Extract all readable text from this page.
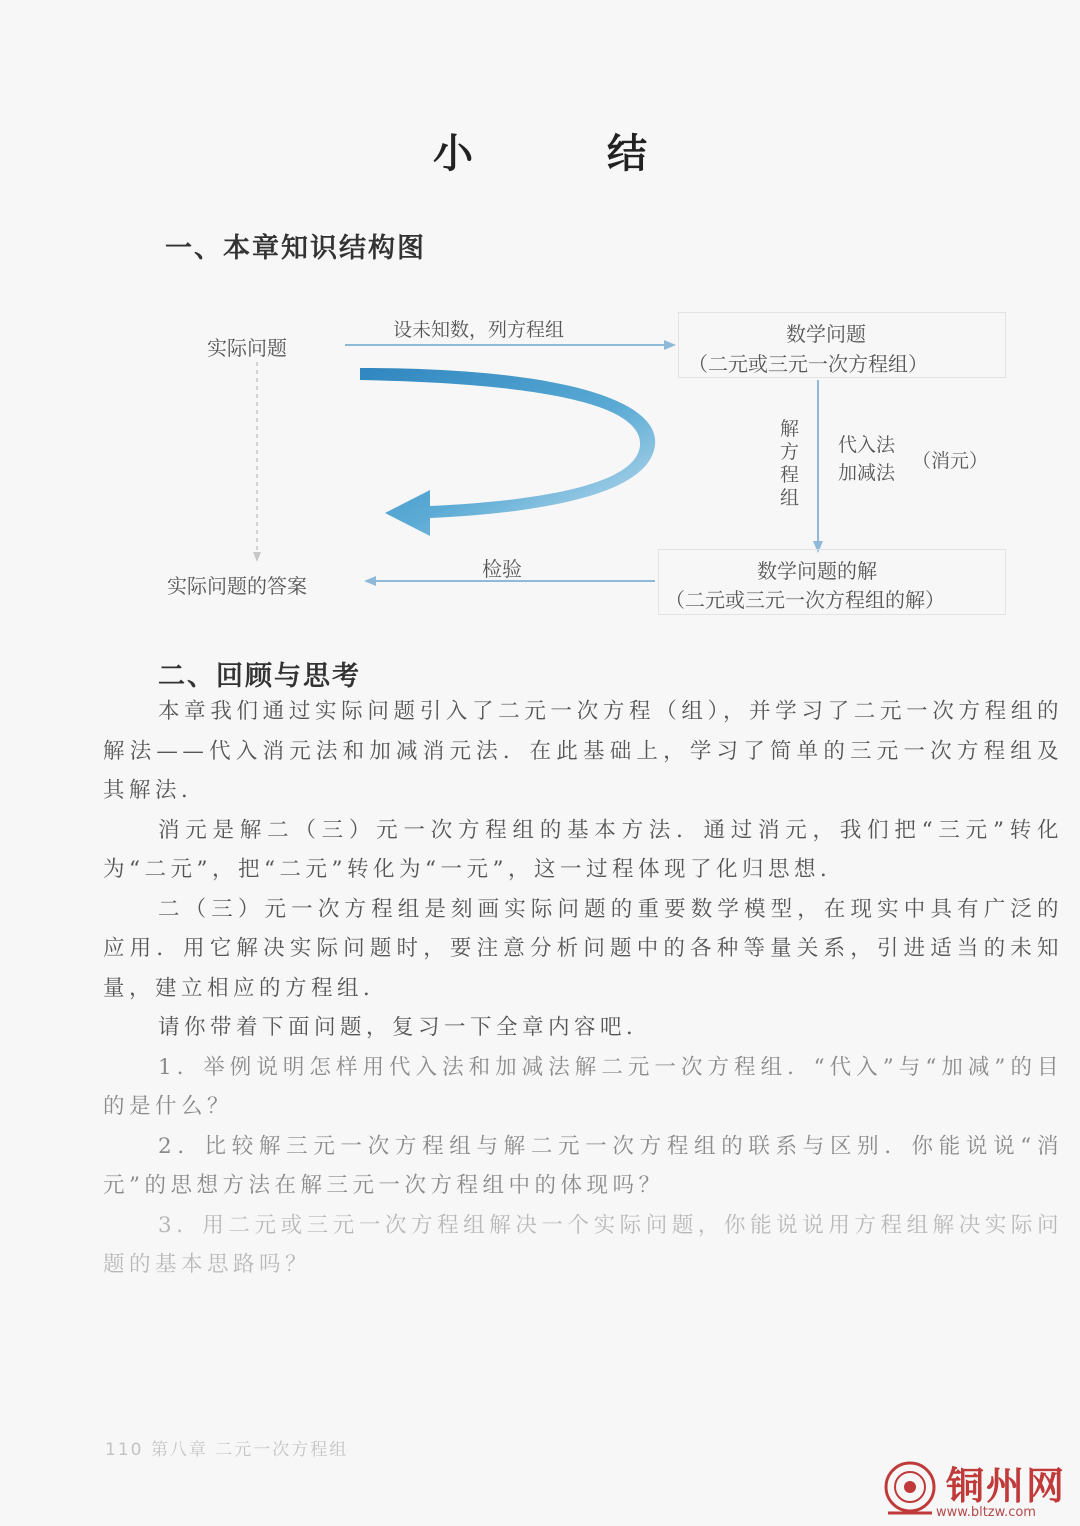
小 结
一、本章知识结构图
实际问题
设未知数，列方程组	数学问题
（二元或三元一次方程组）
解
方
程
组
代入法
加减法
（消元）
检验	数学问题的解
（二元或三元一次方程组的解）
实际问题的答案
二、回顾与思考

本章我们通过实际问题引入了二元一次方程（组），并学习了二元一次方程组的解法——代入消元法和加减消元法．在此基础上，学习了简单的三元一次方程组及其解法．

消元是解二（三）元一次方程组的基本方法．通过消元，我们把“三元”转化为“二元”，把“二元”转化为“一元”，这一过程体现了化归思想．

二（三）元一次方程组是刻画实际问题的重要数学模型，在现实中具有广泛的应用．用它解决实际问题时，要注意分析问题中的各种等量关系，引进适当的未知量，建立相应的方程组．

请你带着下面问题，复习一下全章内容吧．

1．举例说明怎样用代入法和加减法解二元一次方程组．“代入”与“加减”的目的是什么？

2．比较解三元一次方程组与解二元一次方程组的联系与区别．你能说说“消元”的思想方法在解三元一次方程组中的体现吗？

3．用二元或三元一次方程组解决一个实际问题，你能说说用方程组解决实际问题的基本思路吗？

110 第八章 二元一次方程组
铜州网
www.bltzw.com
